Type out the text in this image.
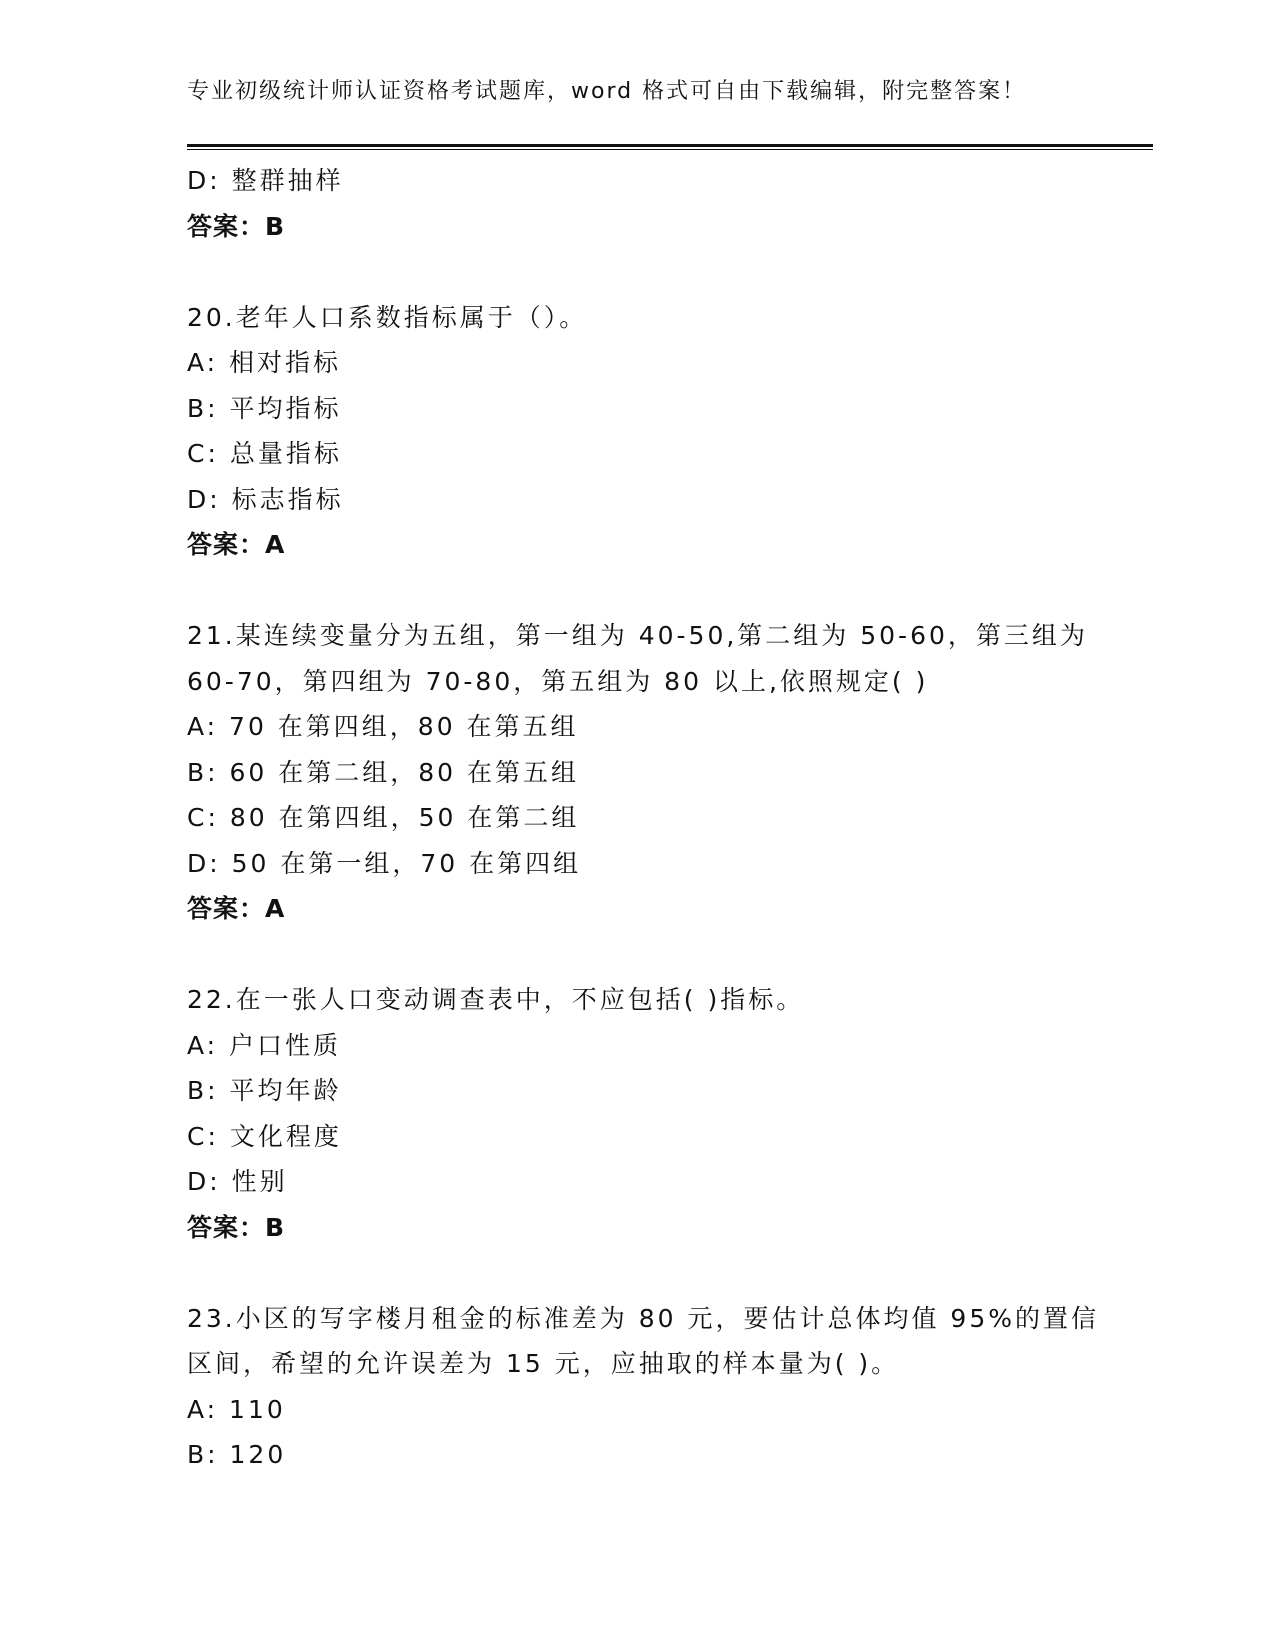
专业初级统计师认证资格考试题库，word 格式可自由下载编辑，附完整答案！
D: 整群抽样
答案：B
20.老年人口系数指标属于（）。
A: 相对指标
B: 平均指标
C: 总量指标
D: 标志指标
答案：A
21.某连续变量分为五组，第一组为 40-50,第二组为 50-60，第三组为
60-70，第四组为 70-80，第五组为 80 以上,依照规定( )
A: 70 在第四组，80 在第五组
B: 60 在第二组，80 在第五组
C: 80 在第四组，50 在第二组
D: 50 在第一组，70 在第四组
答案：A
22.在一张人口变动调查表中，不应包括( )指标。
A: 户口性质
B: 平均年龄
C: 文化程度
D: 性别
答案：B
23.小区的写字楼月租金的标准差为 80 元，要估计总体均值 95%的置信
区间，希望的允许误差为 15 元，应抽取的样本量为( )。
A: 110
B: 120
